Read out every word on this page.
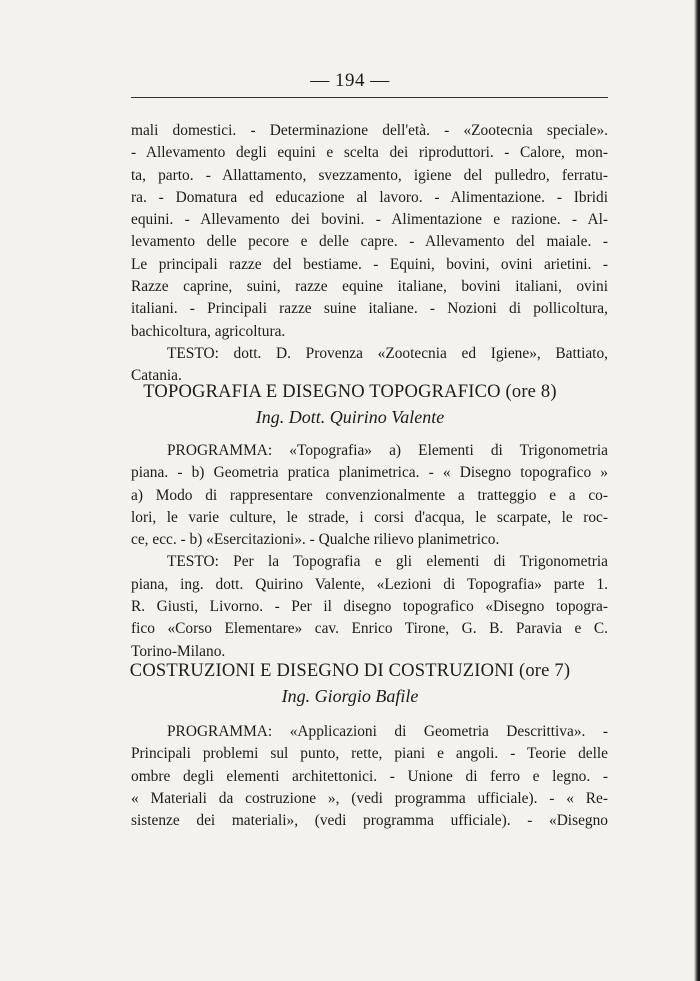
— 194 —
mali domestici. - Determinazione dell'età. - «Zootecnia speciale».
- Allevamento degli equini e scelta dei riproduttori. - Calore, mon-
ta, parto. - Allattamento, svezzamento, igiene del pulledro, ferratu-
ra. - Domatura ed educazione al lavoro. - Alimentazione. - Ibridi
equini. - Allevamento dei bovini. - Alimentazione e razione. - Al-
levamento delle pecore e delle capre. - Allevamento del maiale. -
Le principali razze del bestiame. - Equini, bovini, ovini arietini. -
Razze caprine, suini, razze equine italiane, bovini italiani, ovini
italiani. - Principali razze suine italiane. - Nozioni di pollicoltura,
bachicoltura, agricoltura.
TESTO: dott. D. Provenza «Zootecnia ed Igiene», Battiato,
Catania.
TOPOGRAFIA E DISEGNO TOPOGRAFICO (ore 8)
Ing. Dott. Quirino Valente
PROGRAMMA: «Topografia» a) Elementi di Trigonometria
piana. - b) Geometria pratica planimetrica. - « Disegno topografico »
a) Modo di rappresentare convenzionalmente a tratteggio e a co-
lori, le varie culture, le strade, i corsi d'acqua, le scarpate, le roc-
ce, ecc. - b) «Esercitazioni». - Qualche rilievo planimetrico.
TESTO: Per la Topografia e gli elementi di Trigonometria
piana, ing. dott. Quirino Valente, «Lezioni di Topografia» parte 1.
R. Giusti, Livorno. - Per il disegno topografico «Disegno topogra-
fico «Corso Elementare» cav. Enrico Tirone, G. B. Paravia e C.
Torino-Milano.
COSTRUZIONI E DISEGNO DI COSTRUZIONI (ore 7)
Ing. Giorgio Bafile
PROGRAMMA: «Applicazioni di Geometria Descrittiva». -
Principali problemi sul punto, rette, piani e angoli. - Teorie delle
ombre degli elementi architettonici. - Unione di ferro e legno. -
« Materiali da costruzione », (vedi programma ufficiale). - « Re-
sistenze dei materiali», (vedi programma ufficiale). - «Disegno
